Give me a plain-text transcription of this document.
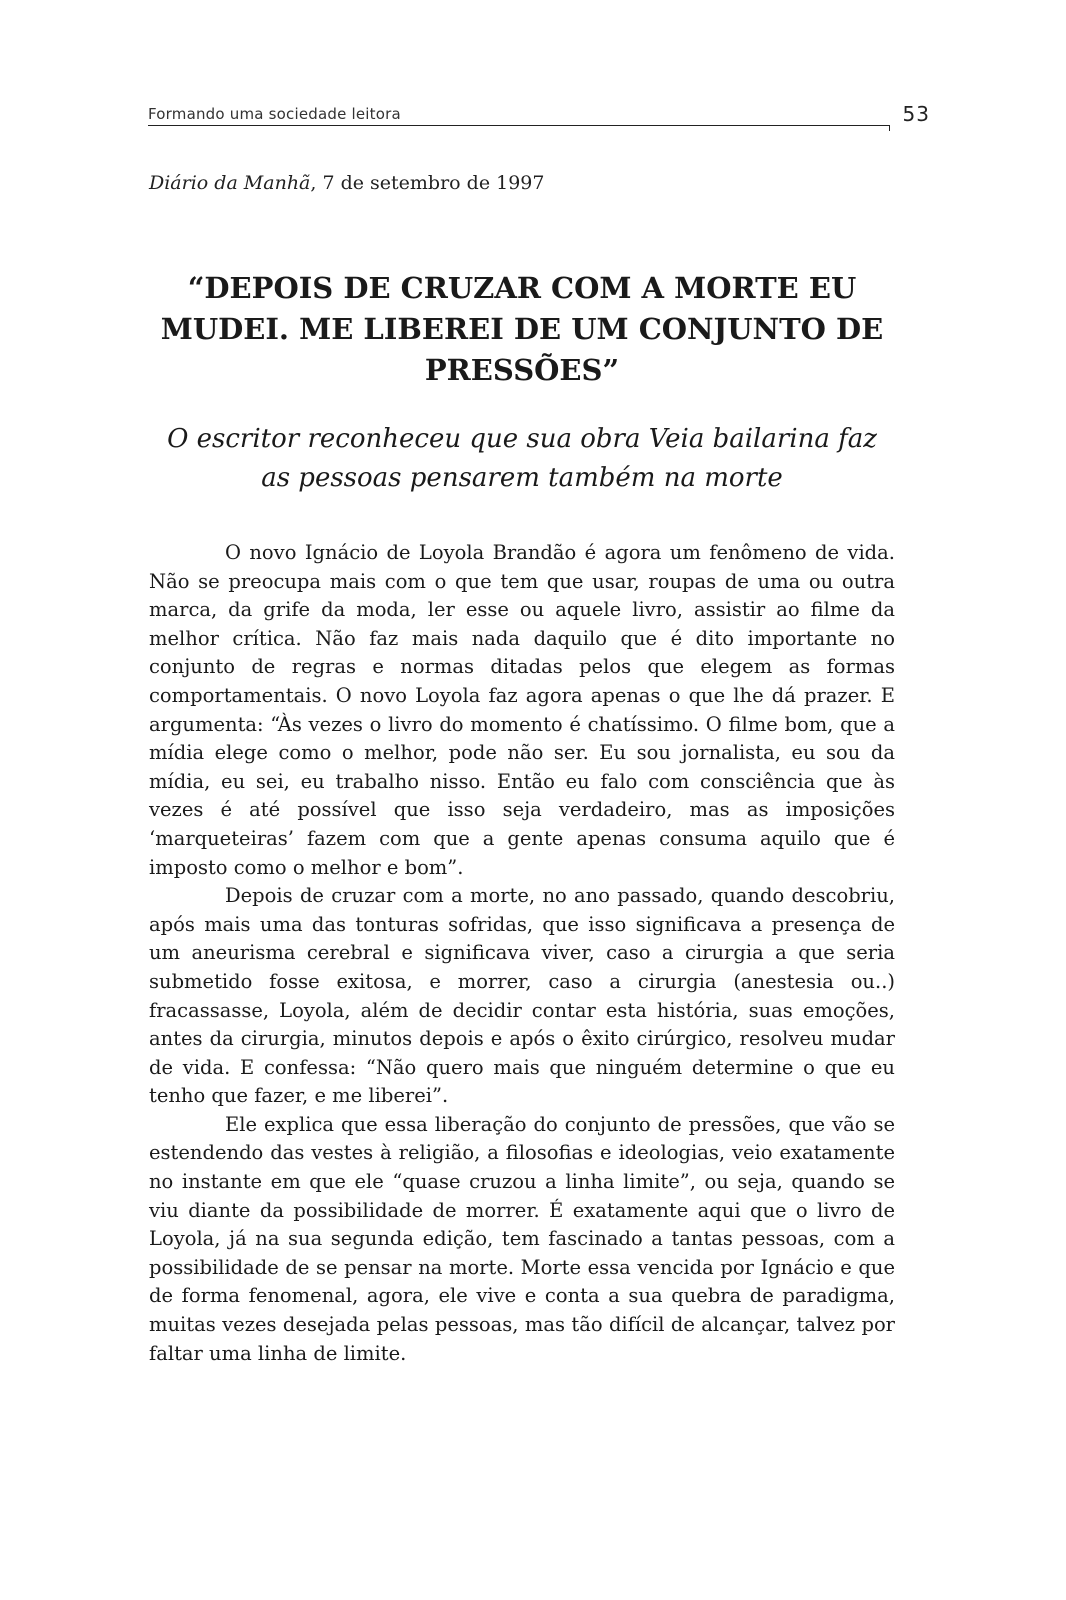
Formando uma sociedade leitora	53
Diário da Manhã, 7 de setembro de 1997
“DEPOIS DE CRUZAR COM A MORTE EU MUDEI. ME LIBEREI DE UM CONJUNTO DE PRESSÕES”
O escritor reconheceu que sua obra Veia bailarina faz as pessoas pensarem também na morte

O novo Ignácio de Loyola Brandão é agora um fenômeno de vida. Não se preocupa mais com o que tem que usar, roupas de uma ou outra marca, da grife da moda, ler esse ou aquele livro, assistir ao filme da melhor crítica. Não faz mais nada daquilo que é dito importante no conjunto de regras e normas ditadas pelos que elegem as formas comportamentais. O novo Loyola faz agora apenas o que lhe dá prazer. E argumenta: “Às vezes o livro do momento é chatíssimo. O filme bom, que a mídia elege como o melhor, pode não ser. Eu sou jornalista, eu sou da mídia, eu sei, eu trabalho nisso. Então eu falo com consciência que às vezes é até possível que isso seja verdadeiro, mas as imposições ‘marqueteiras’ fazem com que a gente apenas consuma aquilo que é imposto como o melhor e bom”.

Depois de cruzar com a morte, no ano passado, quando descobriu, após mais uma das tonturas sofridas, que isso significava a presença de um aneurisma cerebral e significava viver, caso a cirurgia a que seria submetido fosse exitosa, e morrer, caso a cirurgia (anestesia ou..) fracassasse, Loyola, além de decidir contar esta história, suas emoções, antes da cirurgia, minutos depois e após o êxito cirúrgico, resolveu mudar de vida. E confessa: “Não quero mais que ninguém determine o que eu tenho que fazer, e me liberei”.

Ele explica que essa liberação do conjunto de pressões, que vão se estendendo das vestes à religião, a filosofias e ideologias, veio exatamente no instante em que ele “quase cruzou a linha limite”, ou seja, quando se viu diante da possibilidade de morrer. É exatamente aqui que o livro de Loyola, já na sua segunda edição, tem fascinado a tantas pessoas, com a possibilidade de se pensar na morte. Morte essa vencida por Ignácio e que de forma fenomenal, agora, ele vive e conta a sua quebra de paradigma, muitas vezes desejada pelas pessoas, mas tão difícil de alcançar, talvez por faltar uma linha de limite.
